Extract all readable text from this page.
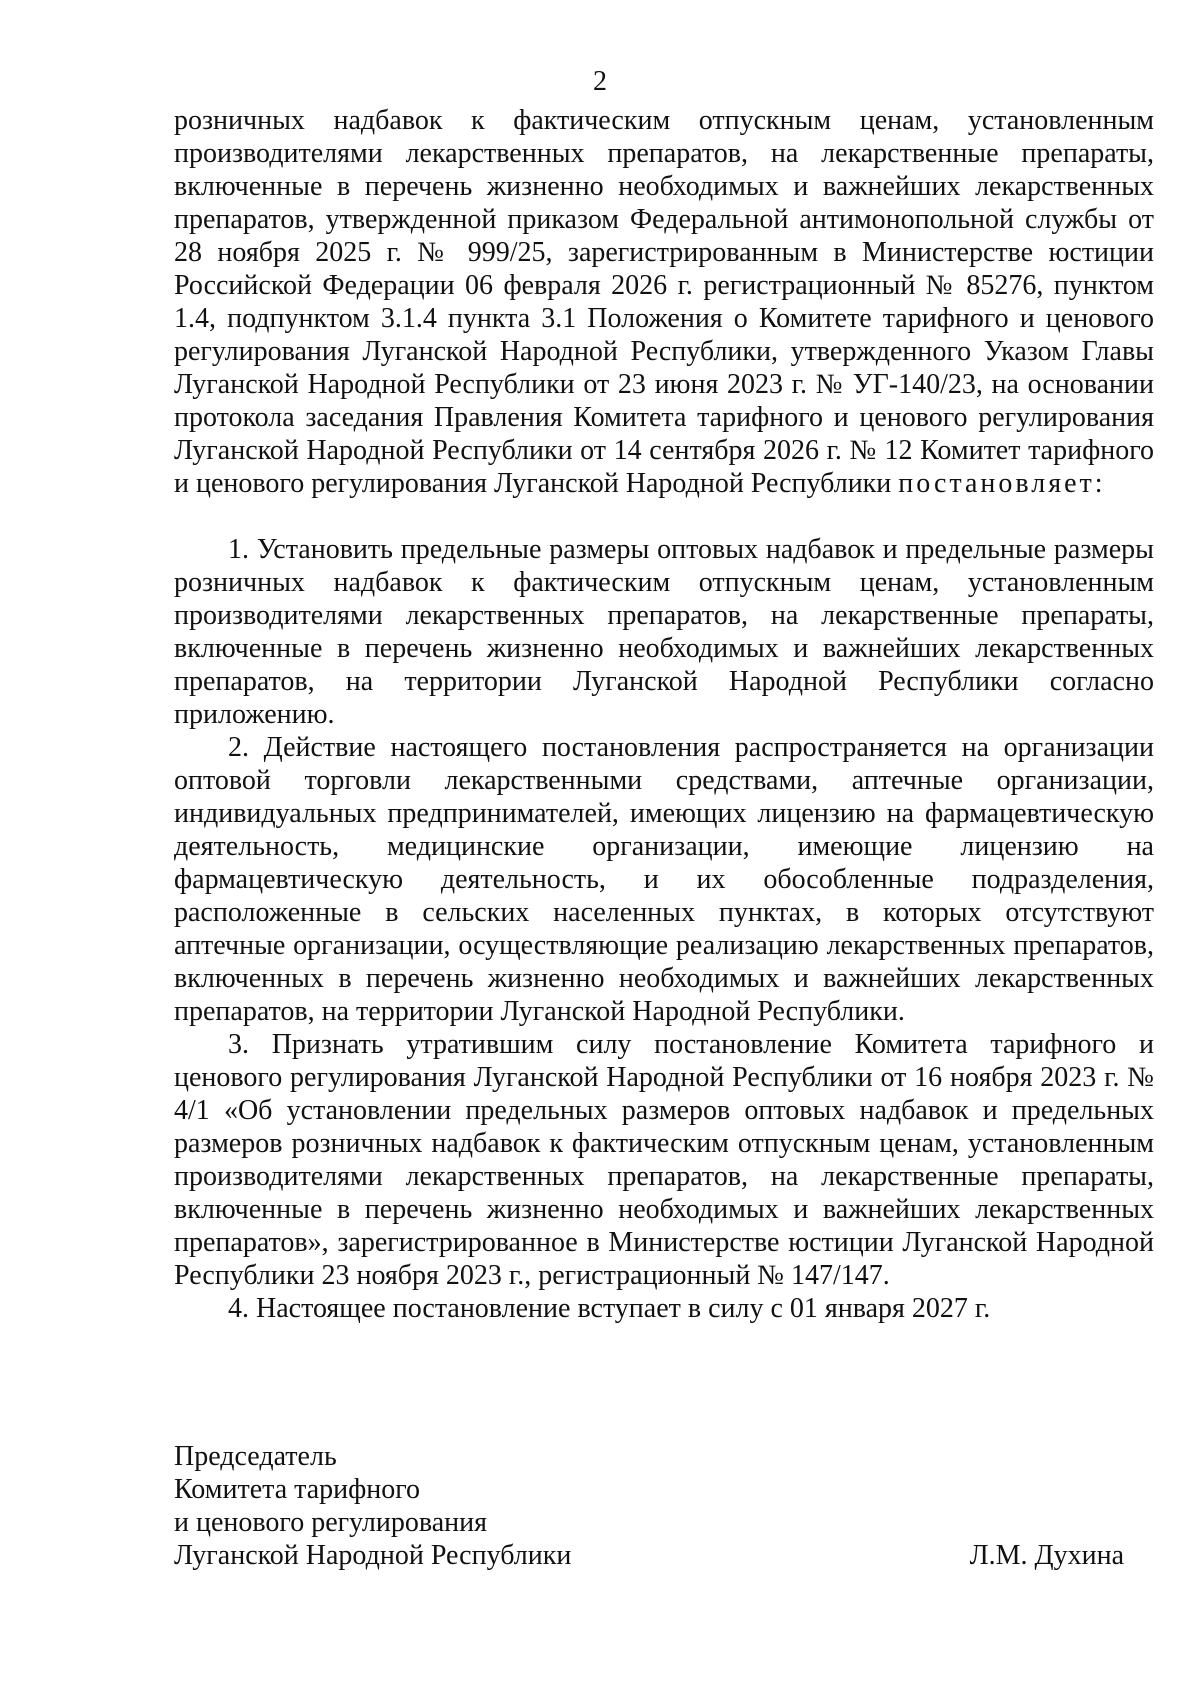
2

розничных надбавок к фактическим отпускным ценам, установленным производителями лекарственных препаратов, на лекарственные препараты, включенные в перечень жизненно необходимых и важнейших лекарственных препаратов, утвержденной приказом Федеральной антимонопольной службы от 28 ноября 2025 г. № 999/25, зарегистрированным в Министерстве юстиции Российской Федерации 06 февраля 2026 г. регистрационный № 85276, пунктом 1.4, подпунктом 3.1.4 пункта 3.1 Положения о Комитете тарифного и ценового регулирования Луганской Народной Республики, утвержденного Указом Главы Луганской Народной Республики от 23 июня 2023 г. № УГ-140/23, на основании протокола заседания Правления Комитета тарифного и ценового регулирования Луганской Народной Республики от 14 сентября 2026 г. № 12 Комитет тарифного и ценового регулирования Луганской Народной Республики постановляет:

1. Установить предельные размеры оптовых надбавок и предельные размеры розничных надбавок к фактическим отпускным ценам, установленным производителями лекарственных препаратов, на лекарственные препараты, включенные в перечень жизненно необходимых и важнейших лекарственных препаратов, на территории Луганской Народной Республики согласно приложению.

2. Действие настоящего постановления распространяется на организации оптовой торговли лекарственными средствами, аптечные организации, индивидуальных предпринимателей, имеющих лицензию на фармацевтическую деятельность, медицинские организации, имеющие лицензию на фармацевтическую деятельность, и их обособленные подразделения, расположенные в сельских населенных пунктах, в которых отсутствуют аптечные организации, осуществляющие реализацию лекарственных препаратов, включенных в перечень жизненно необходимых и важнейших лекарственных препаратов, на территории Луганской Народной Республики.

3. Признать утратившим силу постановление Комитета тарифного и ценового регулирования Луганской Народной Республики от 16 ноября 2023 г. № 4/1 «Об установлении предельных размеров оптовых надбавок и предельных размеров розничных надбавок к фактическим отпускным ценам, установленным производителями лекарственных препаратов, на лекарственные препараты, включенные в перечень жизненно необходимых и важнейших лекарственных препаратов», зарегистрированное в Министерстве юстиции Луганской Народной Республики 23 ноября 2023 г., регистрационный № 147/147.

4. Настоящее постановление вступает в силу с 01 января 2027 г.

Председатель
Комитета тарифного
и ценового регулирования
Луганской Народной Республики	Л.М. Духина
